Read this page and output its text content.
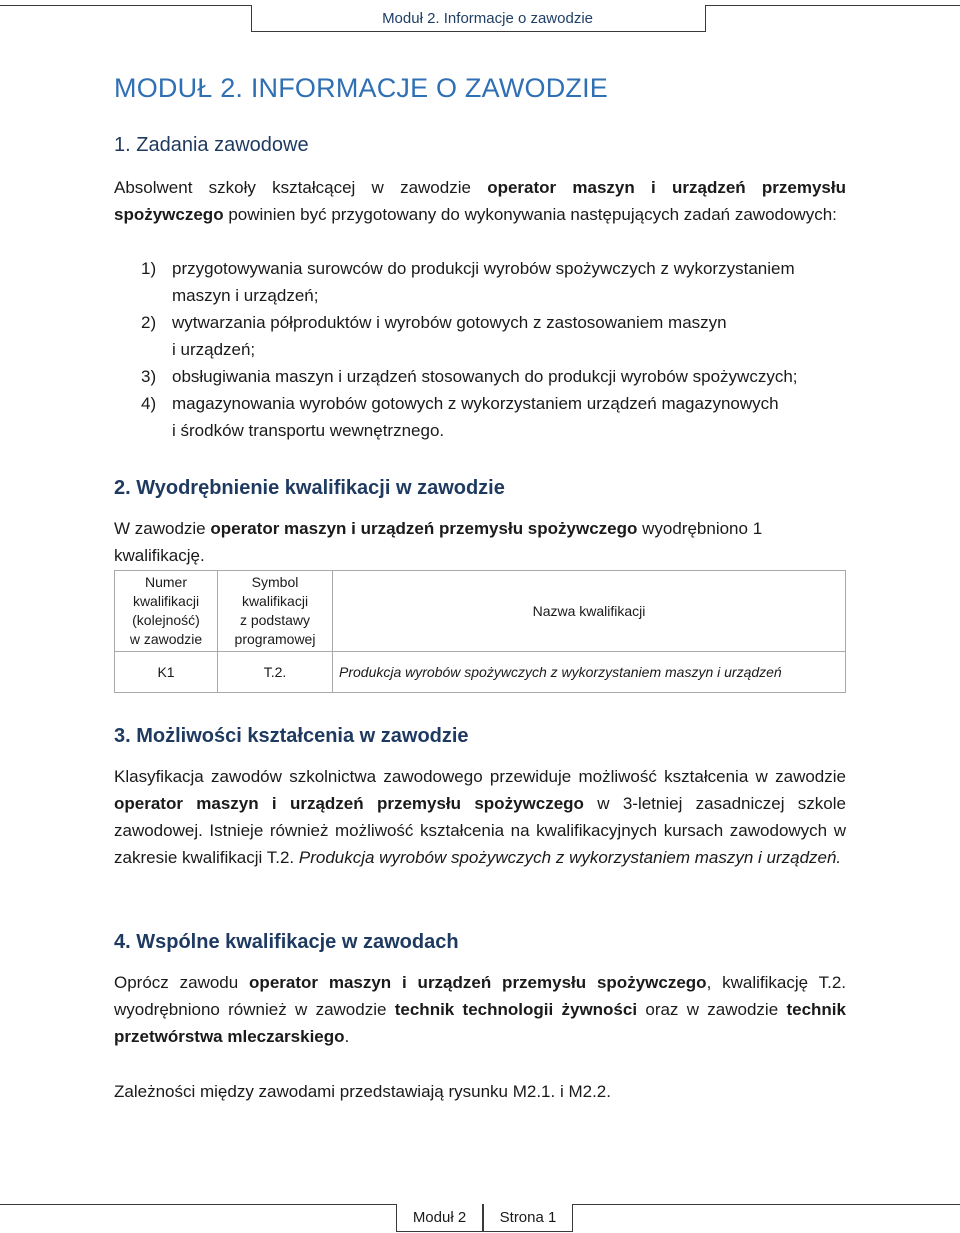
Moduł 2. Informacje o zawodzie
MODUŁ 2. INFORMACJE O ZAWODZIE
1. Zadania zawodowe

Absolwent szkoły kształcącej w zawodzie operator maszyn i urządzeń przemysłu spożywczego powinien być przygotowany do wykonywania następujących zadań zawodowych:

1) przygotowywania surowców do produkcji wyrobów spożywczych z wykorzystaniem
maszyn i urządzeń;

2) wytwarzania półproduktów i wyrobów gotowych z zastosowaniem maszyn
i urządzeń;

3) obsługiwania maszyn i urządzeń stosowanych do produkcji wyrobów spożywczych;

4) magazynowania wyrobów gotowych z wykorzystaniem urządzeń magazynowych
i środków transportu wewnętrznego.

2. Wyodrębnienie kwalifikacji w zawodzie

W zawodzie operator maszyn i urządzeń przemysłu spożywczego wyodrębniono 1 kwalifikację.

Numer
kwalifikacji
(kolejność)
w zawodzie	Symbol
kwalifikacji
z podstawy
programowej	Nazwa kwalifikacji
K1	T.2.	Produkcja wyrobów spożywczych z wykorzystaniem maszyn i urządzeń
3. Możliwości kształcenia w zawodzie

Klasyfikacja zawodów szkolnictwa zawodowego przewiduje możliwość kształcenia w zawodzie operator maszyn i urządzeń przemysłu spożywczego w 3-letniej zasadniczej szkole zawodowej. Istnieje również możliwość kształcenia na kwalifikacyjnych kursach zawodowych w zakresie kwalifikacji T.2. Produkcja wyrobów spożywczych z wykorzystaniem maszyn i urządzeń.

4. Wspólne kwalifikacje w zawodach

Oprócz zawodu operator maszyn i urządzeń przemysłu spożywczego, kwalifikację T.2. wyodrębniono również w zawodzie technik technologii żywności oraz w zawodzie technik przetwórstwa mleczarskiego.

Zależności między zawodami przedstawiają rysunku M2.1. i M2.2.

Moduł 2 Strona 1
